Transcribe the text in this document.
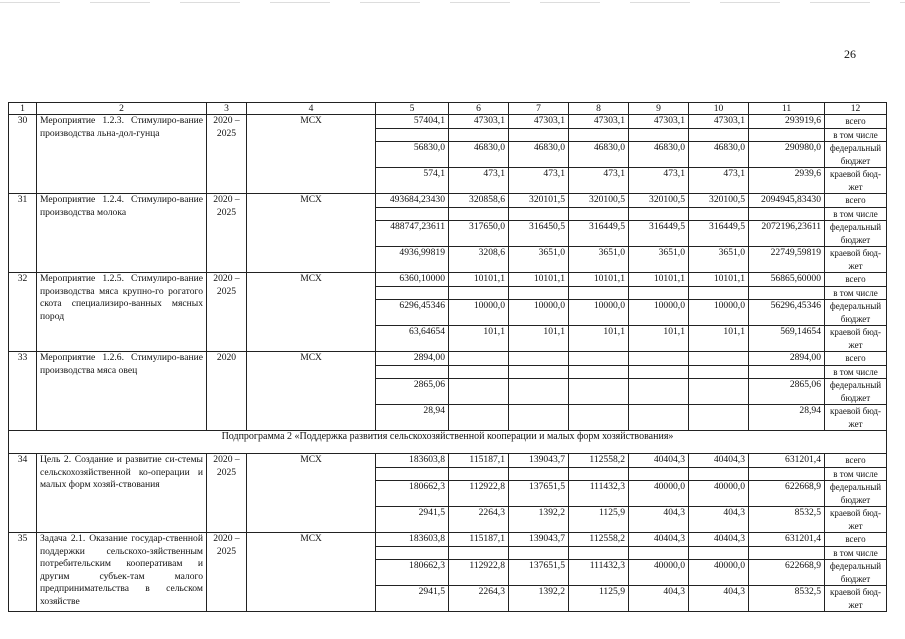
26
1	2	3	4	5	6	7	8	9	10	11	12
30	Мероприятие 1.2.3. Стимулиро-вание производства льна-дол-гунца	2020 – 2025	МСХ	57404,1	47303,1	47303,1	47303,1	47303,1	47303,1	293919,6	всего
											в том числе
				56830,0	46830,0	46830,0	46830,0	46830,0	46830,0	290980,0	федеральный бюджет
				574,1	473,1	473,1	473,1	473,1	473,1	2939,6	краевой бюд-жет
31	Мероприятие 1.2.4. Стимулиро-вание производства молока	2020 – 2025	МСХ	493684,23430	320858,6	320101,5	320100,5	320100,5	320100,5	2094945,83430	всего
											в том числе
				488747,23611	317650,0	316450,5	316449,5	316449,5	316449,5	2072196,23611	федеральный бюджет
				4936,99819	3208,6	3651,0	3651,0	3651,0	3651,0	22749,59819	краевой бюд-жет
32	Мероприятие 1.2.5. Стимулиро-вание производства мяса крупно-го рогатого скота специализиро-ванных мясных пород	2020 – 2025	МСХ	6360,10000	10101,1	10101,1	10101,1	10101,1	10101,1	56865,60000	всего
											в том числе
				6296,45346	10000,0	10000,0	10000,0	10000,0	10000,0	56296,45346	федеральный бюджет
				63,64654	101,1	101,1	101,1	101,1	101,1	569,14654	краевой бюд-жет
33	Мероприятие 1.2.6. Стимулиро-вание производства мяса овец	2020	МСХ	2894,00						2894,00	всего
											в том числе
				2865,06						2865,06	федеральный бюджет
				28,94						28,94	краевой бюд-жет
Подпрограмма 2 «Поддержка развития сельскохозяйственной кооперации и малых форм хозяйствования»											
34	Цель 2. Создание и развитие си-стемы сельскохозяйственной ко-операции и малых форм хозяй-ствования	2020 – 2025	МСХ	183603,8	115187,1	139043,7	112558,2	40404,3	40404,3	631201,4	всего
											в том числе
				180662,3	112922,8	137651,5	111432,3	40000,0	40000,0	622668,9	федеральный бюджет
				2941,5	2264,3	1392,2	1125,9	404,3	404,3	8532,5	краевой бюд-жет
35	Задача 2.1. Оказание государ-ственной поддержки сельскохо-зяйственным потребительским кооперативам и другим субъек-там малого предпринимательства в сельском хозяйстве	2020 – 2025	МСХ	183603,8	115187,1	139043,7	112558,2	40404,3	40404,3	631201,4	всего
											в том числе
				180662,3	112922,8	137651,5	111432,3	40000,0	40000,0	622668,9	федеральный бюджет
				2941,5	2264,3	1392,2	1125,9	404,3	404,3	8532,5	краевой бюд-жет
